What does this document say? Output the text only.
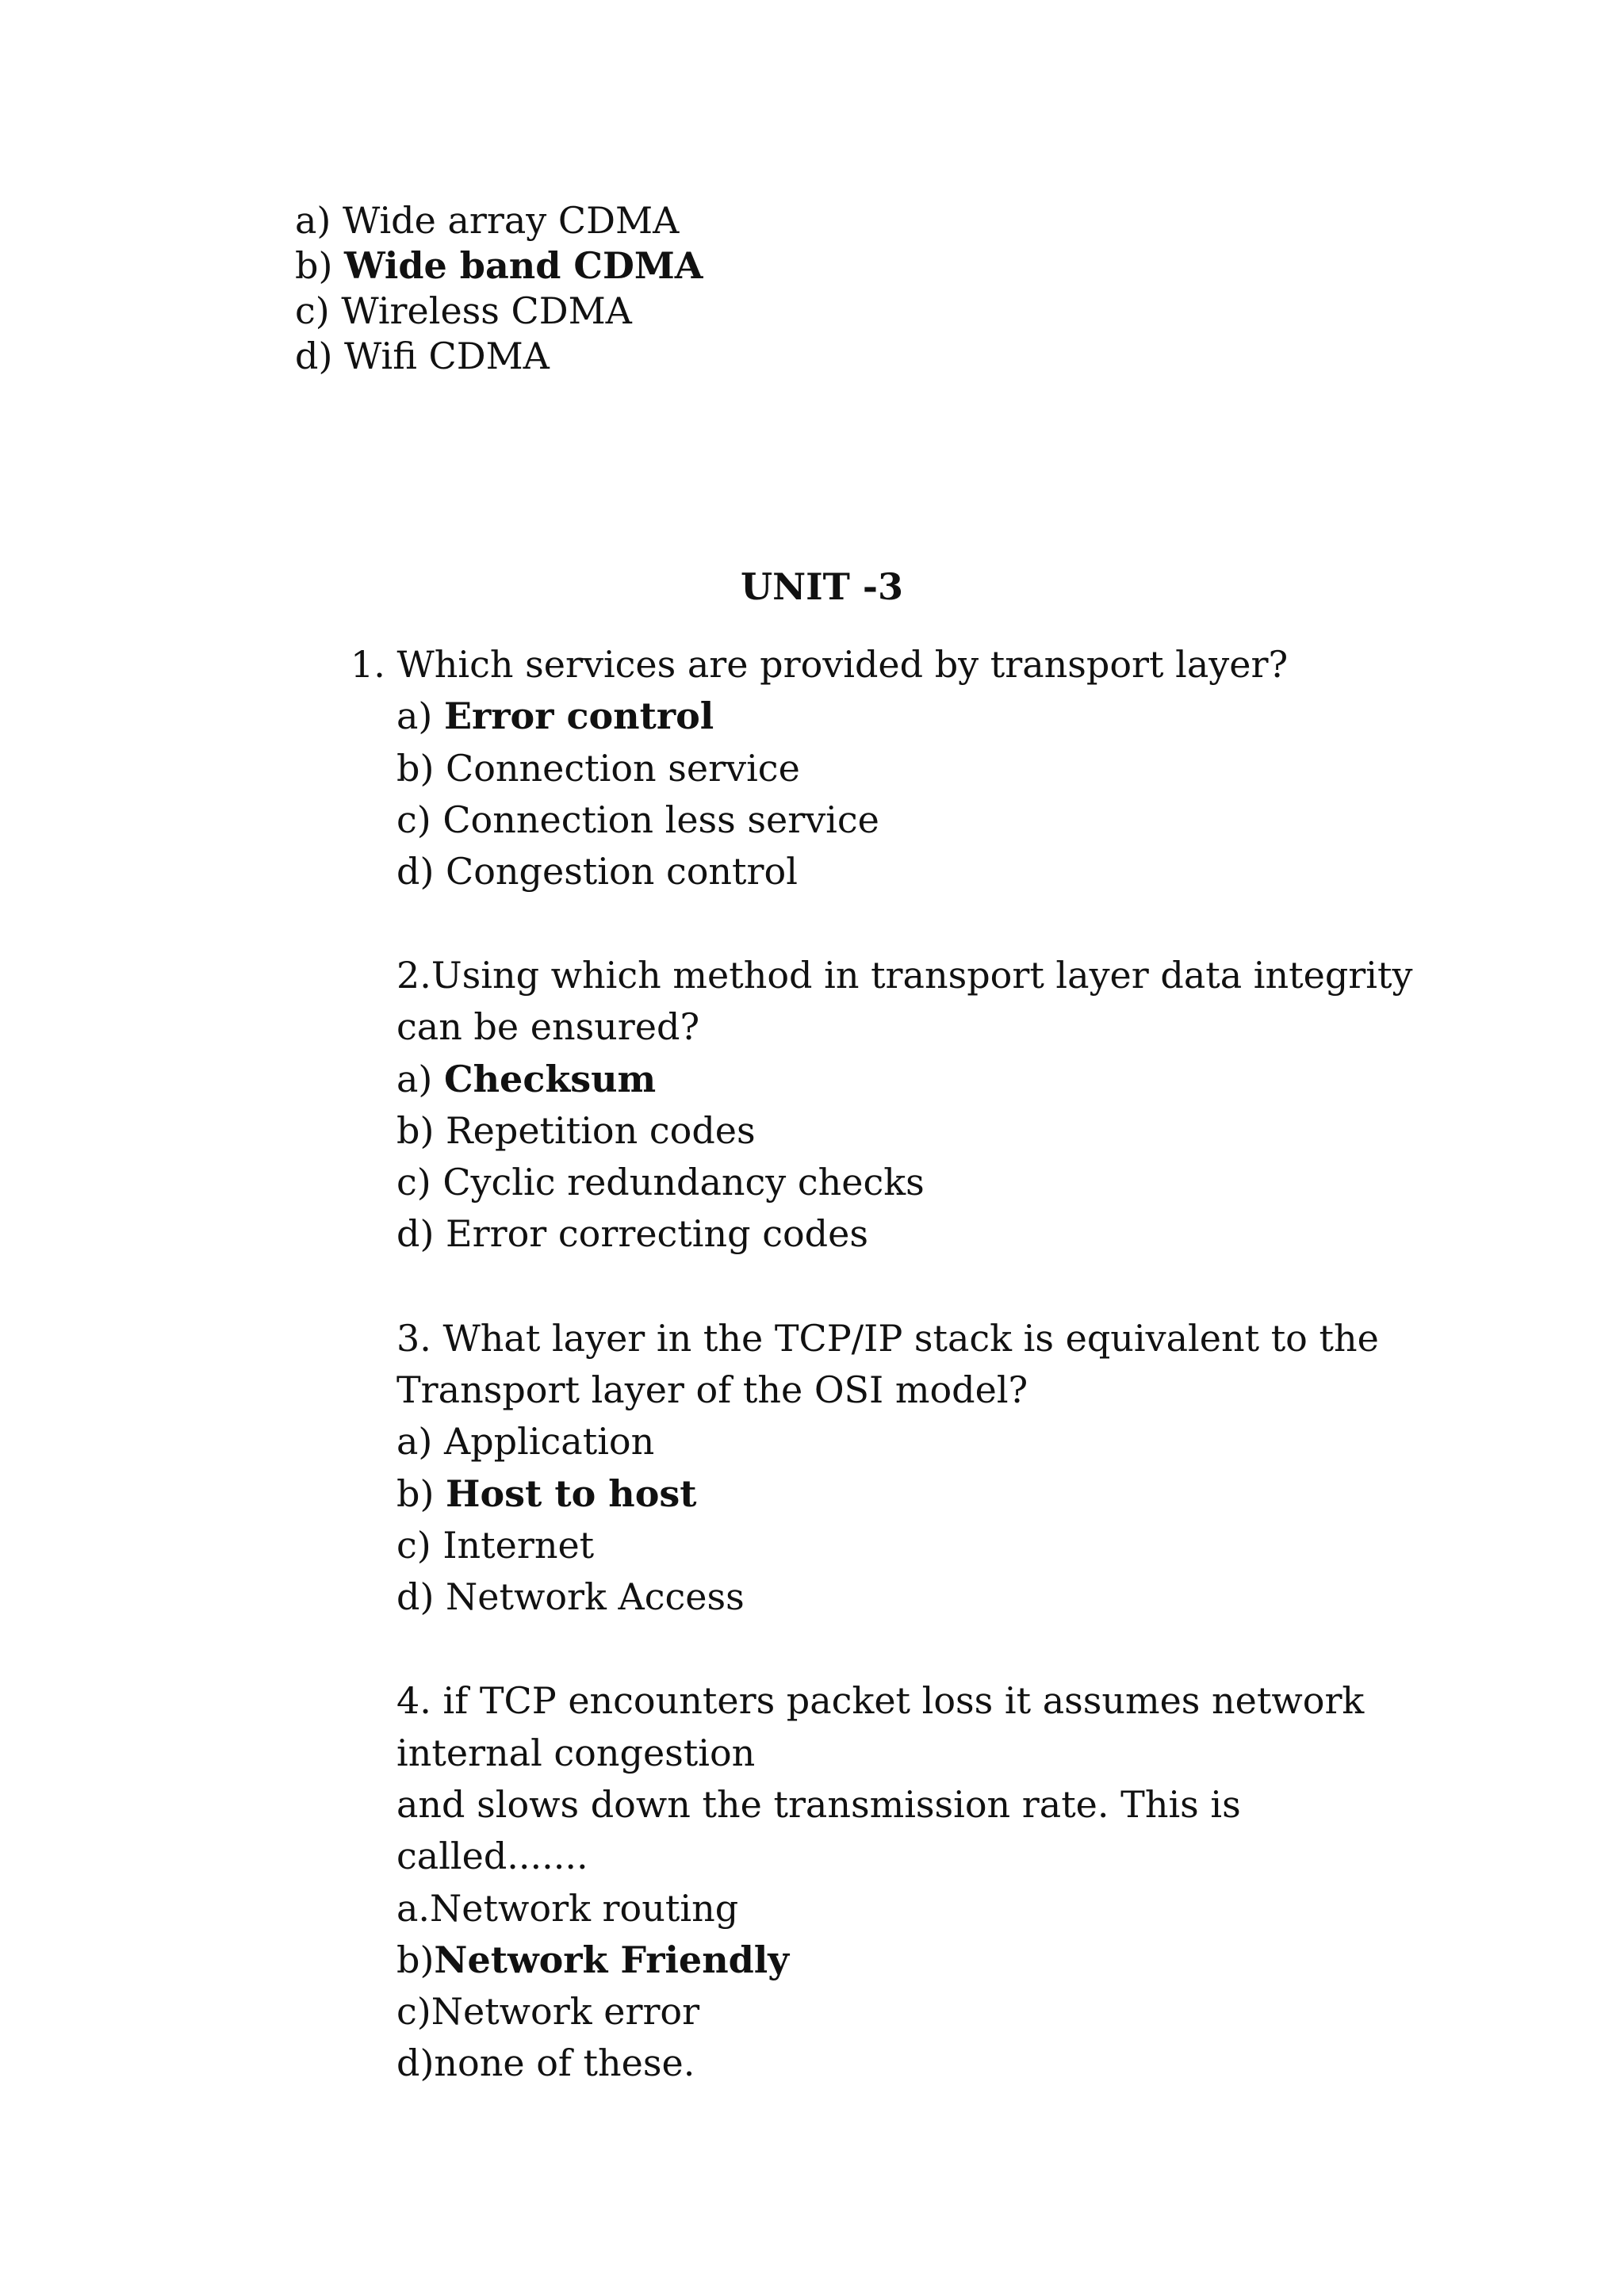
a) Wide array CDMA
b) Wide band CDMA
c) Wireless CDMA
d) Wifi CDMA
UNIT -3
1. Which services are provided by transport layer?
a) Error control
b) Connection service
c) Connection less service
d) Congestion control
2.Using which method in transport layer data integrity
can be ensured?
a) Checksum
b) Repetition codes
c) Cyclic redundancy checks
d) Error correcting codes
3. What layer in the TCP/IP stack is equivalent to the
Transport layer of the OSI model?
a) Application
b) Host to host
c) Internet
d) Network Access
4. if TCP encounters packet loss it assumes network
internal congestion
and slows down the transmission rate. This is
called.......
a.Network routing
b)Network Friendly
c)Network error
d)none of these.
